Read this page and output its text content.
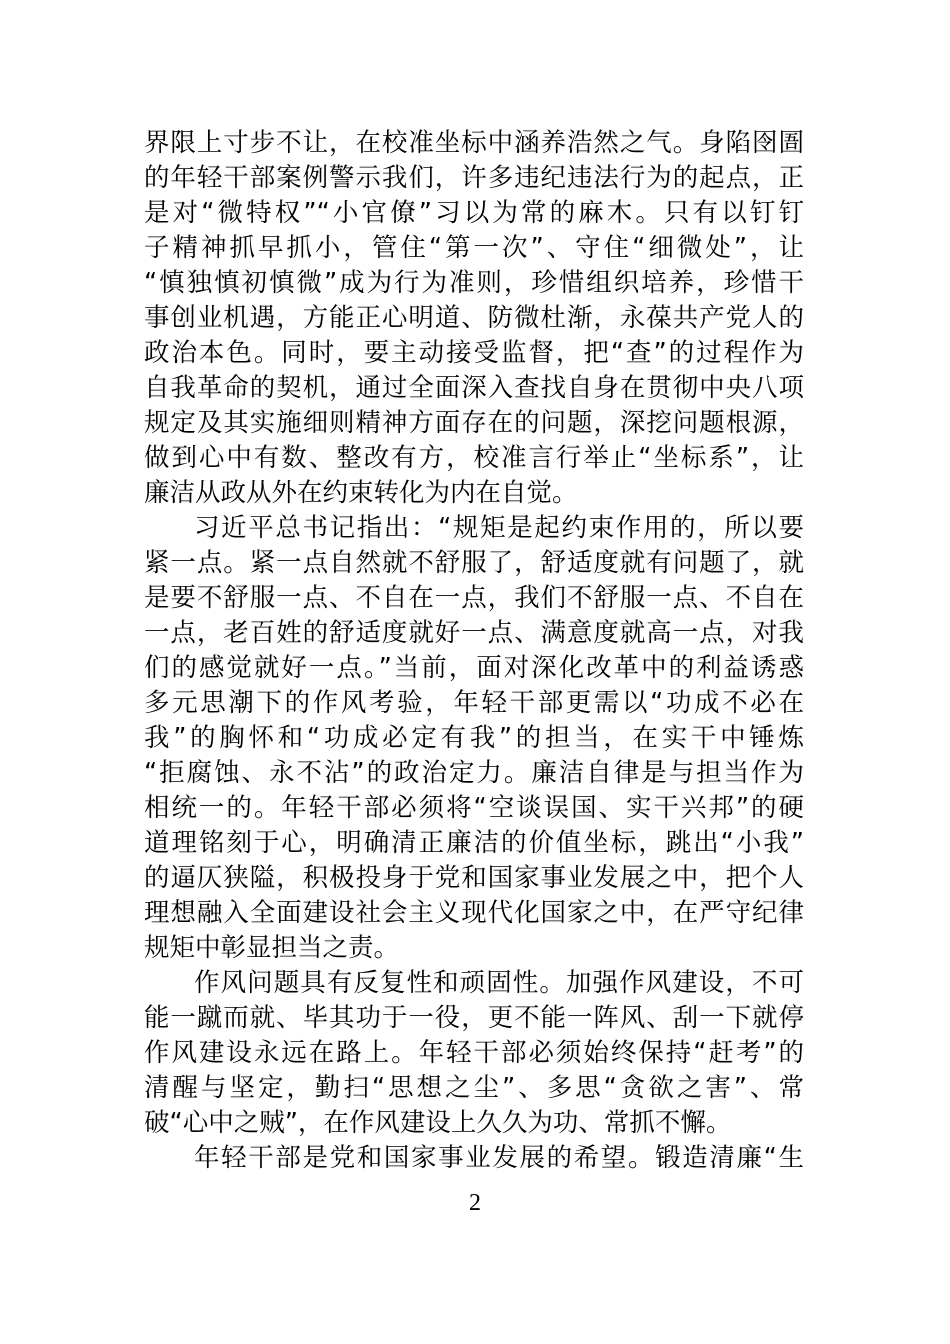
界限上寸步不让，在校准坐标中涵养浩然之气。身陷囹圄
的年轻干部案例警示我们，许多违纪违法行为的起点，正
是对“微特权”“小官僚”习以为常的麻木。只有以钉钉
子精神抓早抓小，管住“第一次”、守住“细微处”，让
“慎独慎初慎微”成为行为准则，珍惜组织培养，珍惜干
事创业机遇，方能正心明道、防微杜渐，永葆共产党人的
政治本色。同时，要主动接受监督，把“查”的过程作为
自我革命的契机，通过全面深入查找自身在贯彻中央八项
规定及其实施细则精神方面存在的问题，深挖问题根源，
做到心中有数、整改有方，校准言行举止“坐标系”，让
廉洁从政从外在约束转化为内在自觉。
习近平总书记指出：“规矩是起约束作用的，所以要
紧一点。紧一点自然就不舒服了，舒适度就有问题了，就
是要不舒服一点、不自在一点，我们不舒服一点、不自在
一点，老百姓的舒适度就好一点、满意度就高一点，对我
们的感觉就好一点。”当前，面对深化改革中的利益诱惑
多元思潮下的作风考验，年轻干部更需以“功成不必在
我”的胸怀和“功成必定有我”的担当，在实干中锤炼
“拒腐蚀、永不沾”的政治定力。廉洁自律是与担当作为
相统一的。年轻干部必须将“空谈误国、实干兴邦”的硬
道理铭刻于心，明确清正廉洁的价值坐标，跳出“小我”
的逼仄狭隘，积极投身于党和国家事业发展之中，把个人
理想融入全面建设社会主义现代化国家之中，在严守纪律
规矩中彰显担当之责。
作风问题具有反复性和顽固性。加强作风建设，不可
能一蹴而就、毕其功于一役，更不能一阵风、刮一下就停
作风建设永远在路上。年轻干部必须始终保持“赶考”的
清醒与坚定，勤扫“思想之尘”、多思“贪欲之害”、常
破“心中之贼”，在作风建设上久久为功、常抓不懈。
年轻干部是党和国家事业发展的希望。锻造清廉“生
2
